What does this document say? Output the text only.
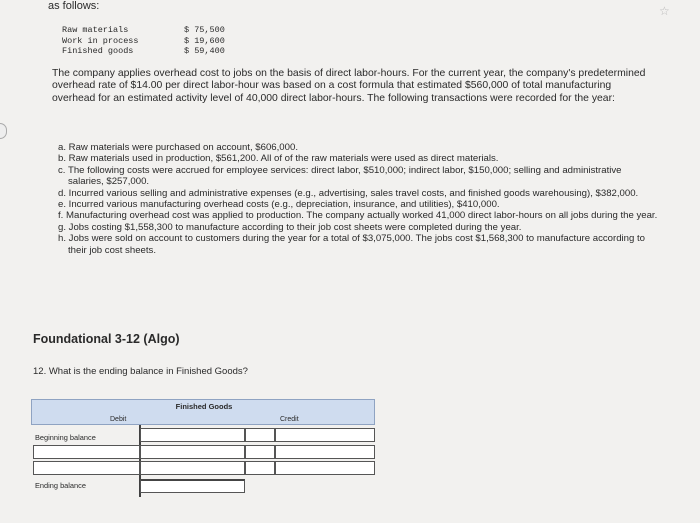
as follows:	☆
Raw materials	$ 75,500
Work in process	$ 19,600
Finished goods	$ 59,400
The company applies overhead cost to jobs on the basis of direct labor-hours. For the current year, the company's predetermined overhead rate of $14.00 per direct labor-hour was based on a cost formula that estimated $560,000 of total manufacturing overhead for an estimated activity level of 40,000 direct labor-hours. The following transactions were recorded for the year:
a. Raw materials were purchased on account, $606,000.
b. Raw materials used in production, $561,200. All of of the raw materials were used as direct materials.
c. The following costs were accrued for employee services: direct labor, $510,000; indirect labor, $150,000; selling and administrative salaries, $257,000.
d. Incurred various selling and administrative expenses (e.g., advertising, sales travel costs, and finished goods warehousing), $382,000.
e. Incurred various manufacturing overhead costs (e.g., depreciation, insurance, and utilities), $410,000.
f. Manufacturing overhead cost was applied to production. The company actually worked 41,000 direct labor-hours on all jobs during the year.
g. Jobs costing $1,558,300 to manufacture according to their job cost sheets were completed during the year.
h. Jobs were sold on account to customers during the year for a total of $3,075,000. The jobs cost $1,568,300 to manufacture according to their job cost sheets.
Foundational 3-12 (Algo)
12. What is the ending balance in Finished Goods?
Finished Goods
Debit	Credit
Beginning balance
Ending balance
